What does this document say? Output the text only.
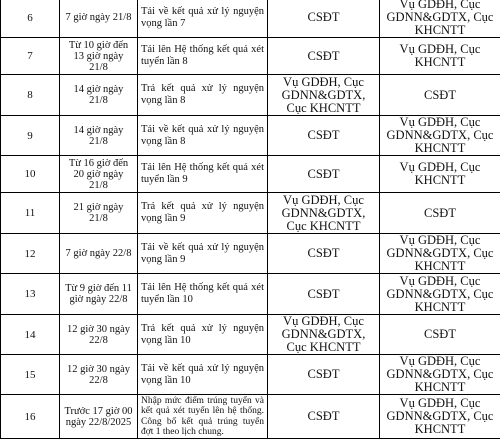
6	7 giờ ngày 21/8	Tải về kết quả xử lý nguyện vọng lần 7	CSĐT	Vụ GDĐH, Cục GDNN&GDTX, Cục KHCNTT

7	Từ 10 giờ đến 13 giờ ngày 21/8	Tải lên Hệ thống kết quả xét tuyển lần 8	CSĐT	Vụ GDĐH, Cục KHCNTT

8	14 giờ ngày 21/8	Trả kết quả xử lý nguyện vọng lần 8	Vụ GDĐH, Cục GDNN&GDTX, Cục KHCNTT	CSĐT

9	14 giờ ngày 21/8	Tải về kết quả xử lý nguyện vọng lần 8	CSĐT	Vụ GDĐH, Cục GDNN&GDTX, Cục KHCNTT

10	Từ 16 giờ đến 20 giờ ngày 21/8	Tải lên Hệ thống kết quả xét tuyển lần 9	CSĐT	Vụ GDĐH, Cục KHCNTT

11	21 giờ ngày 21/8	Trả kết quả xử lý nguyện vọng lần 9	Vụ GDĐH, Cục GDNN&GDTX, Cục KHCNTT	CSĐT

12	7 giờ ngày 22/8	Tải về kết quả xử lý nguyện vọng lần 9	CSĐT	Vụ GDĐH, Cục GDNN&GDTX, Cục KHCNTT

13	Từ 9 giờ đến 11 giờ ngày 22/8	Tải lên Hệ thống kết quả xét tuyển lần 10	CSĐT	Vụ GDĐH, Cục GDNN&GDTX, Cục KHCNTT

14	12 giờ 30 ngày 22/8	Trả kết quả xử lý nguyện vọng lần 10	Vụ GDĐH, Cục GDNN&GDTX, Cục KHCNTT	CSĐT

15	12 giờ 30 ngày 22/8	Tải về kết quả xử lý nguyện vọng lần 10	CSĐT	Vụ GDĐH, Cục GDNN&GDTX, Cục KHCNTT

16	Trước 17 giờ 00 ngày 22/8/2025	Nhập mức điểm trúng tuyển và kết quả xét tuyển lên hệ thống. Công bố kết quả trúng tuyển đợt 1 theo lịch chung.	CSĐT	Vụ GDĐH, Cục GDNN&GDTX, Cục KHCNTT
